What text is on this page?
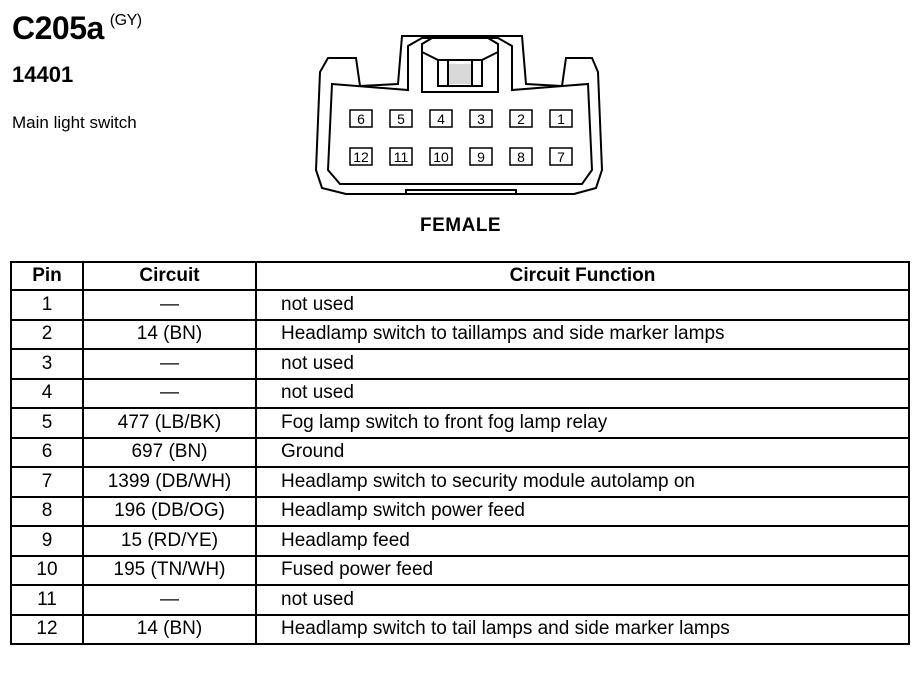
C205a $^{(GY)}$
14401
Main light switch	6 5 4 3 2 1
12 11 10 9 8 7
FEMALE
Pin	Circuit	Circuit Function
1	—	not used
2	14 (BN)	Headlamp switch to taillamps and side marker lamps
3	—	not used
4	—	not used
5	477 (LB/BK)	Fog lamp switch to front fog lamp relay
6	697 (BN)	Ground
7	1399 (DB/WH)	Headlamp switch to security module autolamp on
8	196 (DB/OG)	Headlamp switch power feed
9	15 (RD/YE)	Headlamp feed
10	195 (TN/WH)	Fused power feed
11	—	not used
12	14 (BN)	Headlamp switch to tail lamps and side marker lamps
